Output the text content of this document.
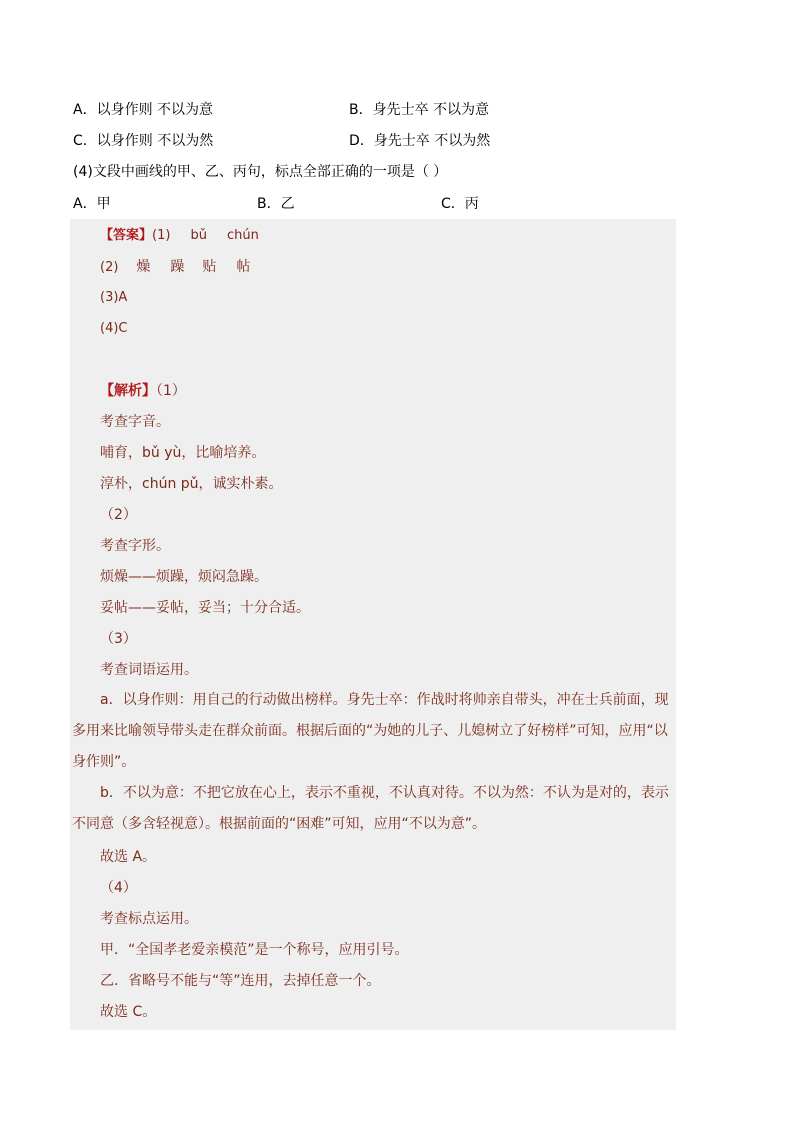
A．以身作则 不以为意	B．身先士卒 不以为意
C．以身作则 不以为然	D．身先士卒 不以为然
(4)文段中画线的甲、乙、丙句，标点全部正确的一项是（ ）
A．甲	B．乙	C．丙
【答案】(1) bǔ chún
(2) 燥 躁 贴 帖
(3)A
(4)C
【解析】（1）
考查字音。
哺育，bǔ yù，比喻培养。
淳朴，chún pǔ，诚实朴素。
（2）
考查字形。
烦燥——烦躁，烦闷急躁。
妥帖——妥帖，妥当；十分合适。
（3）
考查词语运用。
a．以身作则：用自己的行动做出榜样。身先士卒：作战时将帅亲自带头，冲在士兵前面，现多用来比喻领导带头走在群众前面。根据后面的“为她的儿子、儿媳树立了好榜样”可知，应用“以身作则”。
b．不以为意：不把它放在心上，表示不重视，不认真对待。不以为然：不认为是对的，表示不同意（多含轻视意）。根据前面的“困难”可知，应用“不以为意”。
故选 A。
（4）
考查标点运用。
甲．“全国孝老爱亲模范”是一个称号，应用引号。
乙．省略号不能与“等”连用，去掉任意一个。
故选 C。
